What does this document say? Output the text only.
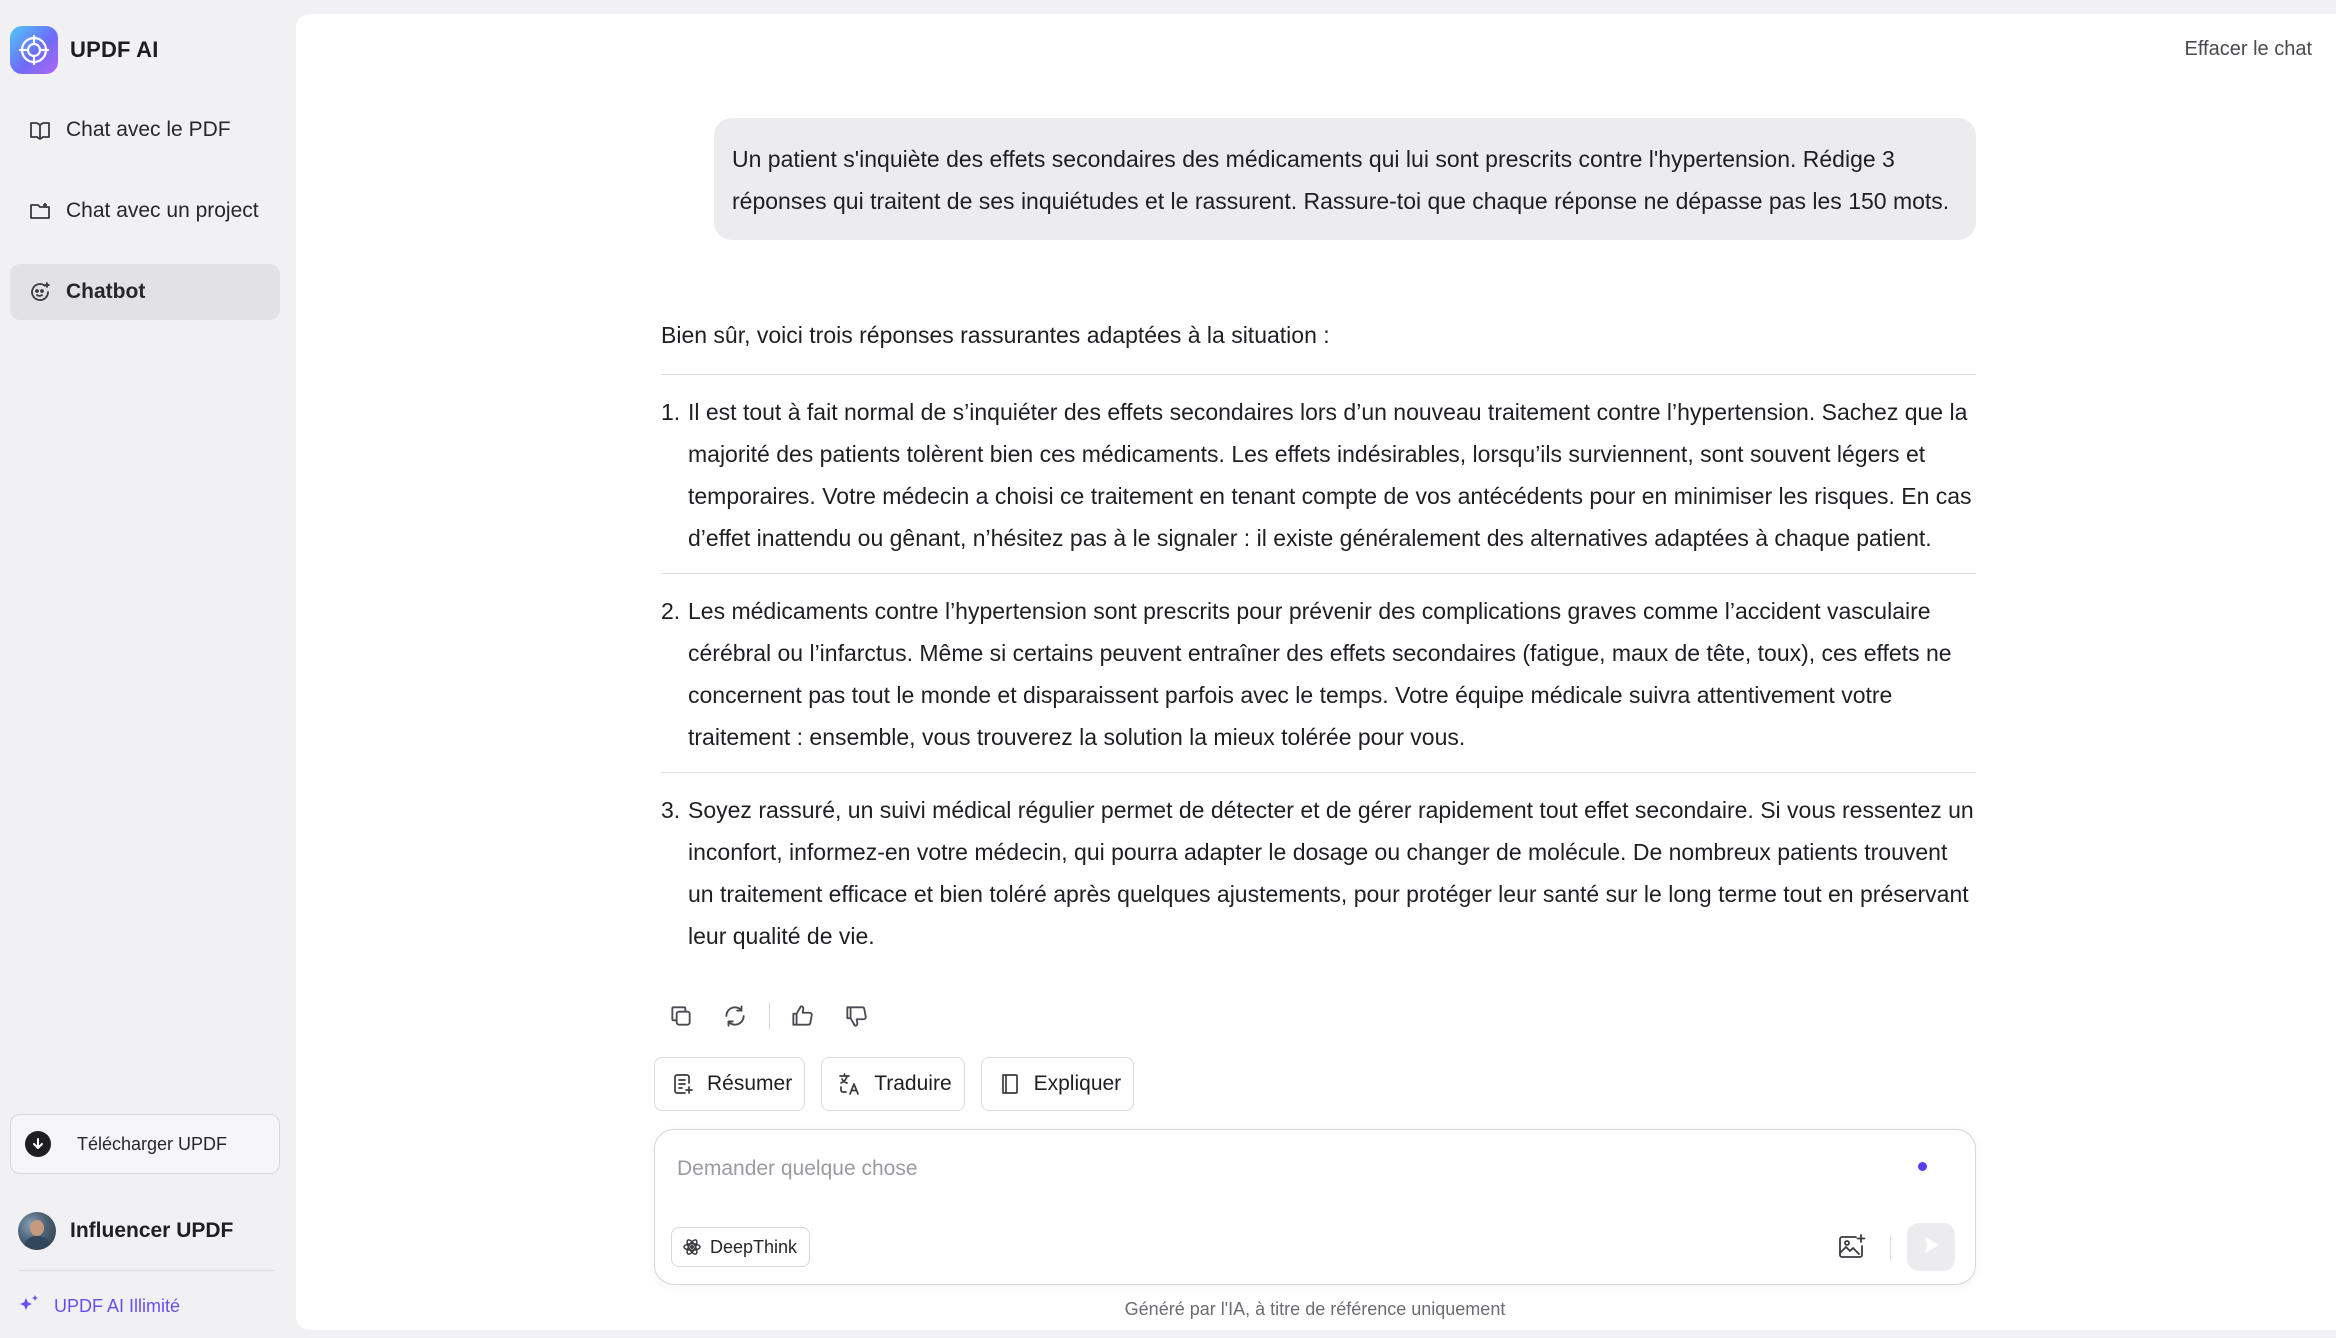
UPDF AI
Chat avec le PDF
Chat avec un project
Chatbot
Télécharger UPDF
Influencer UPDF
UPDF AI Illimité
Effacer le chat
Un patient s'inquiète des effets secondaires des médicaments qui lui sont prescrits contre l'hypertension. Rédige 3 réponses qui traitent de ses inquiétudes et le rassurent. Rassure-toi que chaque réponse ne dépasse pas les 150 mots.
Bien sûr, voici trois réponses rassurantes adaptées à la situation :
1. Il est tout à fait normal de s’inquiéter des effets secondaires lors d’un nouveau traitement contre l’hypertension. Sachez que la majorité des patients tolèrent bien ces médicaments. Les effets indésirables, lorsqu’ils surviennent, sont souvent légers et temporaires. Votre médecin a choisi ce traitement en tenant compte de vos antécédents pour en minimiser les risques. En cas d’effet inattendu ou gênant, n’hésitez pas à le signaler : il existe généralement des alternatives adaptées à chaque patient.
2. Les médicaments contre l’hypertension sont prescrits pour prévenir des complications graves comme l’accident vasculaire cérébral ou l’infarctus. Même si certains peuvent entraîner des effets secondaires (fatigue, maux de tête, toux), ces effets ne concernent pas tout le monde et disparaissent parfois avec le temps. Votre équipe médicale suivra attentivement votre traitement : ensemble, vous trouverez la solution la mieux tolérée pour vous.
3. Soyez rassuré, un suivi médical régulier permet de détecter et de gérer rapidement tout effet secondaire. Si vous ressentez un inconfort, informez-en votre médecin, qui pourra adapter le dosage ou changer de molécule. De nombreux patients trouvent un traitement efficace et bien toléré après quelques ajustements, pour protéger leur santé sur le long terme tout en préservant leur qualité de vie.
Résumer	Traduire	Expliquer
Demander quelque chose
DeepThink
Généré par l'IA, à titre de référence uniquement
